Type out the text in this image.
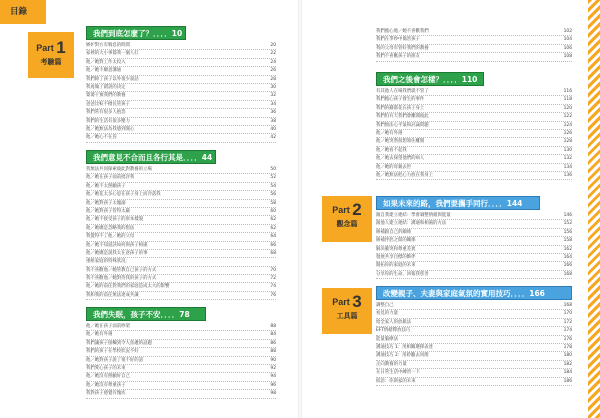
目錄
Part 1
考驗篇
我們到底怎麼了？．．．．10
嫉妒對方有喘息的時間	20
家裡的大小事都我一個人扛	22
他／她對工作太投入	24
他／她不願意溝通	26
我們除了孩子以外很少說話	28
我再做了錯誤的決定	30
婆婆干預我們的教養	32
爸爸比較不擅長管孩子	34
我們常有很多人抱怨	36
我們的生活有很多壓力	38
他／她無法為我感到開心	40
他／她心不在焉	42
我們意見不合而且各行其是．．．．44
我無法共同探索彼此對教養的立場	50
他／她在孩子面前批評我	52
他／她不太照顧孩子	54
他／她花太多心思在孩子身上而冷落我	56
他／她對孩子太寵溺	58
他／她對孩子管得太嚴	60
他／她不接受孩子的原本樣貌	62
他／她總是忽略我的想法	62
我覺得不了他／她的父母	64
他／她不知道該如何與孩子相處	66
他／她總是說我太在意孩子的事	68
重組家庭的特殊狀況：
我不喜歡他／她管教自己孩子的方式	70
我不喜歡他／她對待我的孩子的方式	72
他／她的前任對我們的家庭造成太大的影響	74
我和我的前任無法達成共識	76
我們失眠，孩子不安．．．．78
他／她在孩子面前吵架	88
他／她有外遇	84
我們讓孩子接觸到令人焦慮的話題	86
我們的孩子在學校狀況不好	88
他／她對孩子說了很不好的話	90
我們愛心孩子的未來	92
他／她沒有照顧好自己	94
他／她沒有尊重孩子	96
我對孩子感覺有愧疚	98
我們擔心他／她不喜歡我們	102
我們在爭吵中傷害孩子	104
我的父母有管好我們的教養	106
我們不喜歡孩子的朋友	108
我們之後會怎樣？．．．．110
有其他人在場我們就不管了	116
我們擔心孩子發生的事件	118
我們的錢都花在孩子身上	120
我們怕有天我們會離開彼此	122
我們無法心平氣和討論問題	124
他／她有外遇	126
他／她突然很想領住離開	128
他／她看不起我	130
他／她去探望他們的病人	132
他／她的母親去世	134
他／她無法把心力放在我身上	136
Part 2
觀念篇
如果未來的路，我們要攜手同行．．．．144
跟自我建立連結：學會調整情緒與能量	146
跟他人建立連結：溝通和相處的方法	152
修補跟自己的關係	156
修補伴侶之間的關係	158
解決衝突和尊重差異	162
發展共享目標的夥伴	164
開拓你的家庭的未來	166
分享你的生命，回報我慈善	168
Part 3
工具篇
改變親子、夫妻與家庭氣氛的實用技巧．．．．166
調整自己	168
看見的力量	170
給全家人的放鬆法	172
EFT情緒釋放技巧	174
能量腦療法	176
溝通技巧 1：用相關選擇表達	178
溝通技巧 2：用聆聽去同理	180
正向教養的力量	182
在日常生活中練習一下	184
結語：你與家的未來	186
